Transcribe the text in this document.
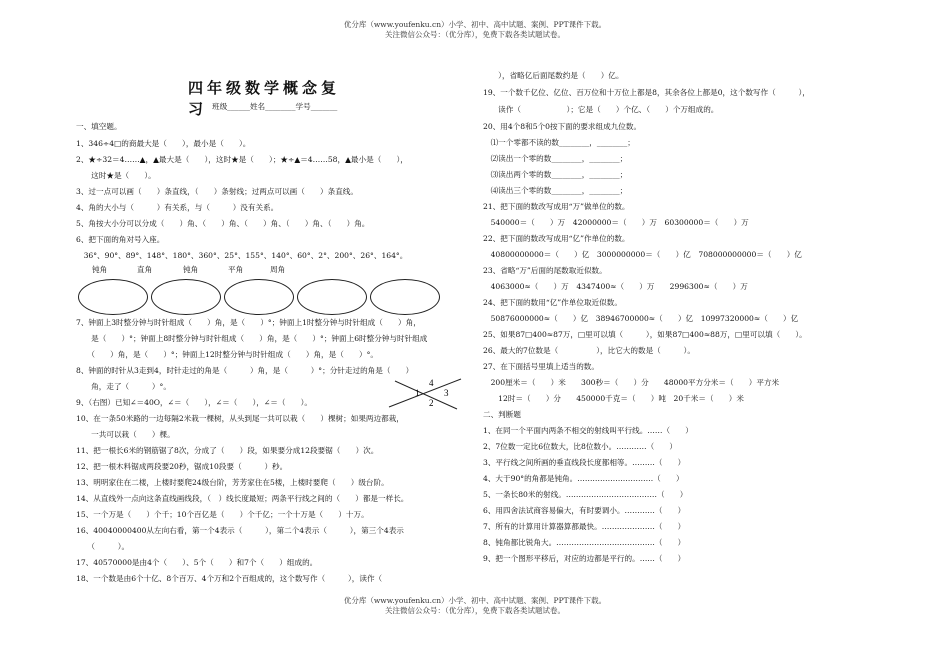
优分库（www.youfenku.cn）小学、初中、高中试题、案例、PPT课件下载。
关注微信公众号：（优分库），免费下载各类试题试卷。
四年级数学概念复习 班级______姓名________学号_______
一、填空题。
1、346÷4□的商最大是（　　），最小是（　　）。
2、★÷32＝4……▲，▲最大是（　　），这时★是（　　）；★÷▲＝4……58，▲最小是（　　），
　　这时★是（　　）。
3、过一点可以画（　　）条直线，（　　）条射线；过两点可以画（　　）条直线。
4、角的大小与（　　　）有关系，与（　　　）没有关系。
5、角按大小分可以分成（　　）角、（　　）角、（　　）角、（　　）角、（　　）角。
6、把下面的角对号入座。
　36°、90°、89°、148°、180°、360°、25°、155°、140°、60°、2°、200°、26°、164°。
钝角	直角	钝角	平角	周角
7、钟面上3时整分钟与时针组成（　　）角，是（　　）°；钟面上1时整分钟与时针组成（　　）角，
　　是（　　）°；钟面上8时整分钟与时针组成（　　）角，是（　　）°；钟面上6时整分钟与时针组成
　　（　　）角，是（　　）°；钟面上12时整分钟与时针组成（　　）角，是（　　）°。
8、钟面的时针从3走到4，时针走过的角是（　　　）角，是（　　　）°；分针走过的角是（　　）
　　角，走了（　　　）°。
9、（右图）已知∠＝40O，∠＝（　　），∠＝（　　），∠＝（　　）。
10、在一条50米路的一边每隔2米栽一棵树，从头到尾一共可以栽（　　）棵树；如果两边都栽，
　　一共可以栽（　　）棵。
11、把一根长6米的钢筋锯了8次，分成了（　　）段，如果要分成12段要锯（　　）次。
12、把一根木料锯成两段要20秒，锯成10段要（　　　）秒。
13、明明家住在二楼，上楼时要爬24级台阶，芳芳家住在5楼，上楼时要爬（　　）级台阶。
14、从直线外一点向这条直线画线段，（　）线长度最短；两条平行线之间的（　　）都是一样长。
15、一个万是（　　）个千；10个百亿是（　　）个千亿；一个十万是（　　）十万。
16、40040000400从左向右看，第一个4表示（　　　），第二个4表示（　　　），第三个4表示
　　（　　　）。
17、40570000是由4个（　　）、5个（　　）和7个（　　）组成的。
18、一个数是由6个十亿、8个百万、4个万和2个百组成的，这个数写作（　　　），读作（
4
1
2
3
　　），省略亿后面尾数约是（　　）亿。
19、一个数千亿位、亿位、百万位和十万位上都是8，其余各位上都是0，这个数写作（　　　），
　　读作（　　　　　　）；它是（　　）个亿、（　　）个万组成的。
20、用4个8和5个0按下面的要求组成九位数。
　⑴一个零都不读的数________，________；
　⑵读出一个零的数________，________；
　⑶读出两个零的数________，________；
　⑷读出三个零的数________，________；
21、把下面的数改写成用“万”做单位的数。
　540000＝（　　）万　42000000＝（　　）万　60300000＝（　　）万
22、把下面的数改写成用“亿”作单位的数。
　40800000000＝（　　）亿　3000000000＝（　　）亿　708000000000＝（　　）亿
23、省略“万”后面的尾数取近似数。
　4063000≈（　　）万　4347400≈（　　）万　　2996300≈（　　）万
24、把下面的数用“亿”作单位取近似数。
　50876000000≈（　　）亿　38946700000≈（　　）亿　10997320000≈（　　）亿
25、如果87□400≈87万，□里可以填（　　　），如果87□400≈88万，□里可以填（　　）。
26、最大的7位数是（　　　　　），比它大的数是（　　　）。
27、在下面括号里填上适当的数。
　200厘米＝（　　）米　　300秒＝（　　）分　　48000平方分米＝（　　）平方米
　　12时＝（　　）分　　450000千克＝（　　）吨　20千米＝（　　）米
二、判断题
1、在同一个平面内两条不相交的射线叫平行线。……（　　）
2、7位数一定比6位数大，比8位数小。…………（　　）
3、平行线之间所画的垂直线段长度都相等。………（　　）
4、大于90°的角都是钝角。…………………………（　　）
5、一条长80米的射线。………………………………（　　）
6、用四舍法试商容易偏大，有时要调小。…………（　　）
7、所有的计算用计算器算都最快。…………………（　　）
8、钝角都比锐角大。…………………………………（　　）
9、把一个图形平移后，对应的边都是平行的。……（　　）
优分库（www.youfenku.cn）小学、初中、高中试题、案例、PPT课件下载。
关注微信公众号：（优分库），免费下载各类试题试卷。
